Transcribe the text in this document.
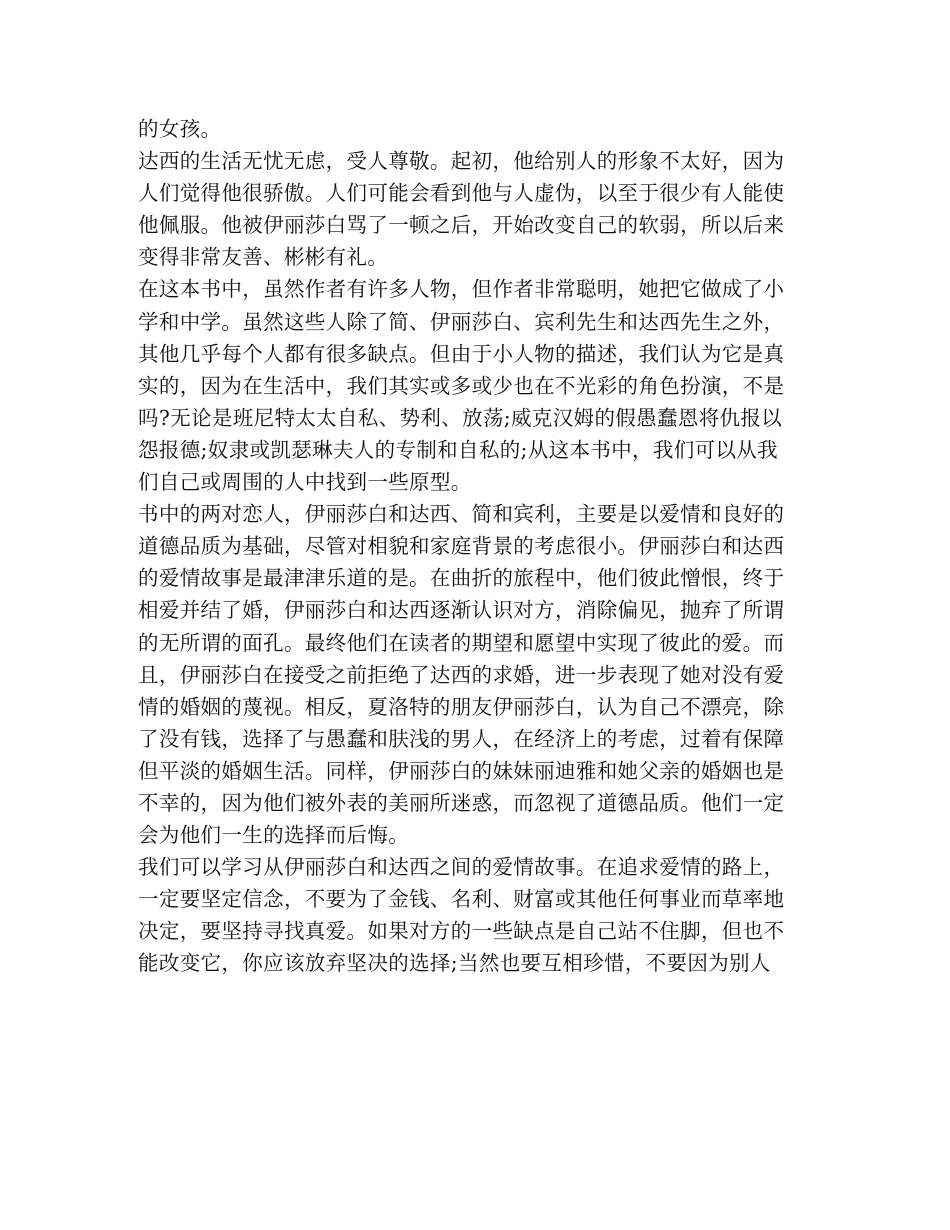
的女孩。
达西的生活无忧无虑，受人尊敬。起初，他给别人的形象不太好，因为
人们觉得他很骄傲。人们可能会看到他与人虚伪，以至于很少有人能使
他佩服。他被伊丽莎白骂了一顿之后，开始改变自己的软弱，所以后来
变得非常友善、彬彬有礼。
在这本书中，虽然作者有许多人物，但作者非常聪明，她把它做成了小
学和中学。虽然这些人除了简、伊丽莎白、宾利先生和达西先生之外，
其他几乎每个人都有很多缺点。但由于小人物的描述，我们认为它是真
实的，因为在生活中，我们其实或多或少也在不光彩的角色扮演，不是
吗?无论是班尼特太太自私、势利、放荡;威克汉姆的假愚蠢恩将仇报以
怨报德;奴隶或凯瑟琳夫人的专制和自私的;从这本书中，我们可以从我
们自己或周围的人中找到一些原型。
书中的两对恋人，伊丽莎白和达西、简和宾利，主要是以爱情和良好的
道德品质为基础，尽管对相貌和家庭背景的考虑很小。伊丽莎白和达西
的爱情故事是最津津乐道的是。在曲折的旅程中，他们彼此憎恨，终于
相爱并结了婚，伊丽莎白和达西逐渐认识对方，消除偏见，抛弃了所谓
的无所谓的面孔。最终他们在读者的期望和愿望中实现了彼此的爱。而
且，伊丽莎白在接受之前拒绝了达西的求婚，进一步表现了她对没有爱
情的婚姻的蔑视。相反，夏洛特的朋友伊丽莎白，认为自己不漂亮，除
了没有钱，选择了与愚蠢和肤浅的男人，在经济上的考虑，过着有保障
但平淡的婚姻生活。同样，伊丽莎白的妹妹丽迪雅和她父亲的婚姻也是
不幸的，因为他们被外表的美丽所迷惑，而忽视了道德品质。他们一定
会为他们一生的选择而后悔。
我们可以学习从伊丽莎白和达西之间的爱情故事。在追求爱情的路上，
一定要坚定信念，不要为了金钱、名利、财富或其他任何事业而草率地
决定，要坚持寻找真爱。如果对方的一些缺点是自己站不住脚，但也不
能改变它，你应该放弃坚决的选择;当然也要互相珍惜，不要因为别人
